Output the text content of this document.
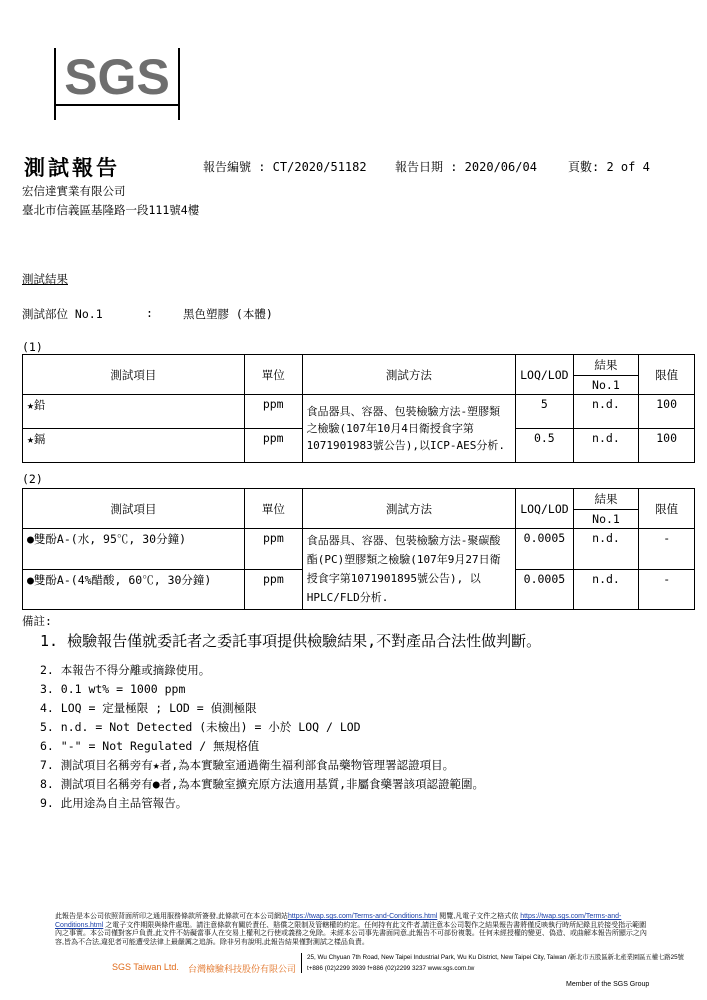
SGS
測試報告	報告編號 : CT/2020/51182 報告日期 : 2020/06/04	頁數: 2 of 4
宏信達實業有限公司
臺北市信義區基隆路一段111號4樓
測試結果
測試部位 No.1	:	黑色塑膠 (本體)
(1)
測試項目	單位	測試方法	LOQ/LOD	結果	限值
				No.1	
★鉛	ppm	食品器具、容器、包裝檢驗方法-塑膠類之檢驗(107年10月4日衛授食字第1071901983號公告),以ICP-AES分析.	5	n.d.	100
★鎘	ppm		0.5	n.d.	100
(2)
測試項目	單位	測試方法	LOQ/LOD	結果	限值
				No.1	
●雙酚A-(水, 95℃, 30分鐘)	ppm	食品器具、容器、包裝檢驗方法-聚碳酸酯(PC)塑膠類之檢驗(107年9月27日衛授食字第1071901895號公告), 以HPLC/FLD分析.	0.0005	n.d.	-
●雙酚A-(4%醋酸, 60℃, 30分鐘)	ppm		0.0005	n.d.	-
備註:
1. 檢驗報告僅就委託者之委託事項提供檢驗結果,不對產品合法性做判斷。
2. 本報告不得分離或摘錄使用。
3. 0.1 wt% = 1000 ppm
4. LOQ = 定量極限 ; LOD = 偵測極限
5. n.d. = Not Detected (未檢出) = 小於 LOQ / LOD
6. "-" = Not Regulated / 無規格值
7. 測試項目名稱旁有★者,為本實驗室通過衛生福利部食品藥物管理署認證項目。
8. 測試項目名稱旁有●者,為本實驗室擴充原方法適用基質,非屬食藥署該項認證範圍。
9. 此用途為自主品管報告。
此報告是本公司依照背面所印之通用服務條款所簽發,此條款可在本公司網站https://twap.sgs.com/Terms-and-Conditions.html 閱覽,凡電子文件之格式依 https://twap.sgs.com/Terms-and-Conditions.html 之電子文件期限與條件處理。請注意條款有關於責任、賠償之限制及管轄權的約定。任何持有此文件者,請注意本公司製作之結果報告書將僅反映執行時所紀錄且於接受指示範圍內之事實。本公司僅對客戶負責,此文件不妨礙當事人在交易上權利之行使或義務之免除。未經本公司事先書面同意,此報告不可部份複製。任何未經授權的變更、偽造、或曲解本報告所顯示之內容,皆為不合法,違犯者可能遭受法律上最嚴厲之追訴。除非另有說明,此報告結果僅對測試之樣品負責。
SGS Taiwan Ltd. 台灣檢驗科技股份有限公司
25, Wu Chyuan 7th Road, New Taipei Industrial Park, Wu Ku District, New Taipei City, Taiwan /新北市五股區新北產業園區五權七路25號
t+886 (02)2299 3939 f+886 (02)2299 3237 www.sgs.com.tw
Member of the SGS Group
